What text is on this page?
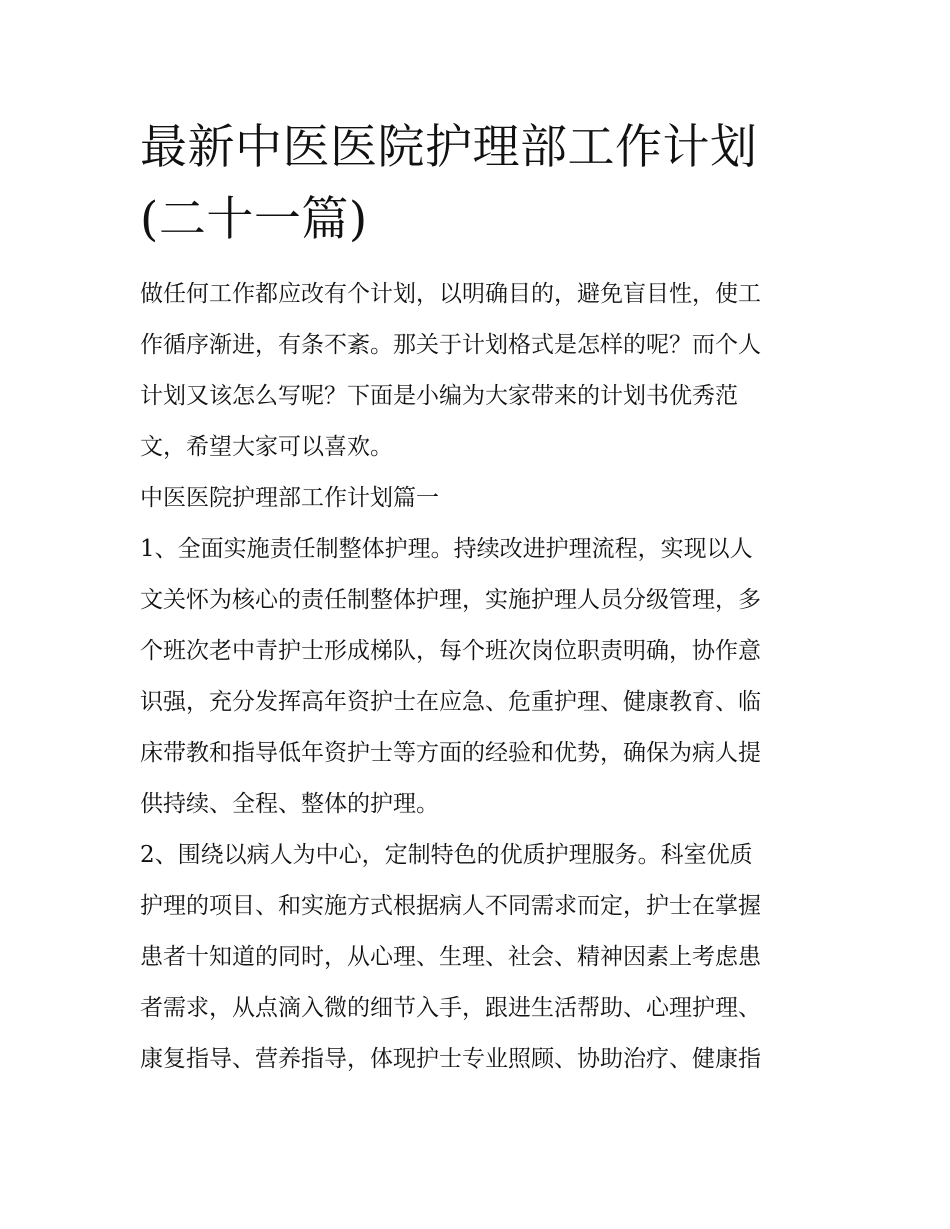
最新中医医院护理部工作计划
(二十一篇)

做任何工作都应改有个计划，以明确目的，避免盲目性，使工
作循序渐进，有条不紊。那关于计划格式是怎样的呢？而个人
计划又该怎么写呢？下面是小编为大家带来的计划书优秀范
文，希望大家可以喜欢。

中医医院护理部工作计划篇一

1、全面实施责任制整体护理。持续改进护理流程，实现以人
文关怀为核心的责任制整体护理，实施护理人员分级管理，多
个班次老中青护士形成梯队，每个班次岗位职责明确，协作意
识强，充分发挥高年资护士在应急、危重护理、健康教育、临
床带教和指导低年资护士等方面的经验和优势，确保为病人提
供持续、全程、整体的护理。

2、围绕以病人为中心，定制特色的优质护理服务。科室优质
护理的项目、和实施方式根据病人不同需求而定，护士在掌握
患者十知道的同时，从心理、生理、社会、精神因素上考虑患
者需求，从点滴入微的细节入手，跟进生活帮助、心理护理、
康复指导、营养指导，体现护士专业照顾、协助治疗、健康指
